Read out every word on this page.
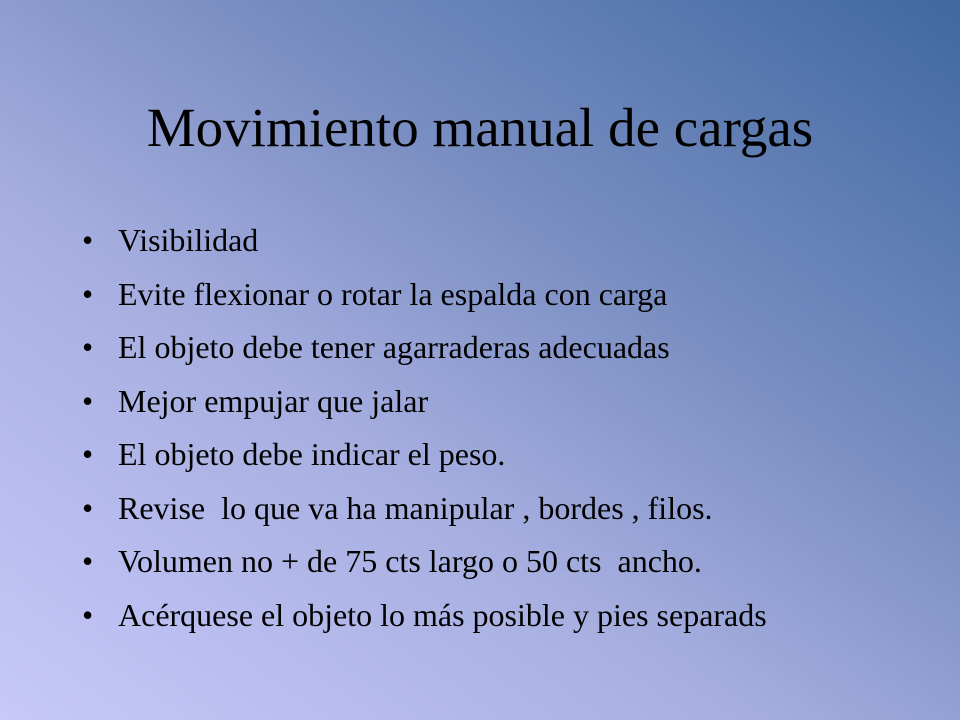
Movimiento manual de cargas
• Visibilidad
• Evite flexionar o rotar la espalda con carga
• El objeto debe tener agarraderas adecuadas
• Mejor empujar que jalar
• El objeto debe indicar el peso.
• Revise  lo que va ha manipular , bordes , filos.
• Volumen no + de 75 cts largo o 50 cts  ancho.
• Acérquese el objeto lo más posible y pies separads
